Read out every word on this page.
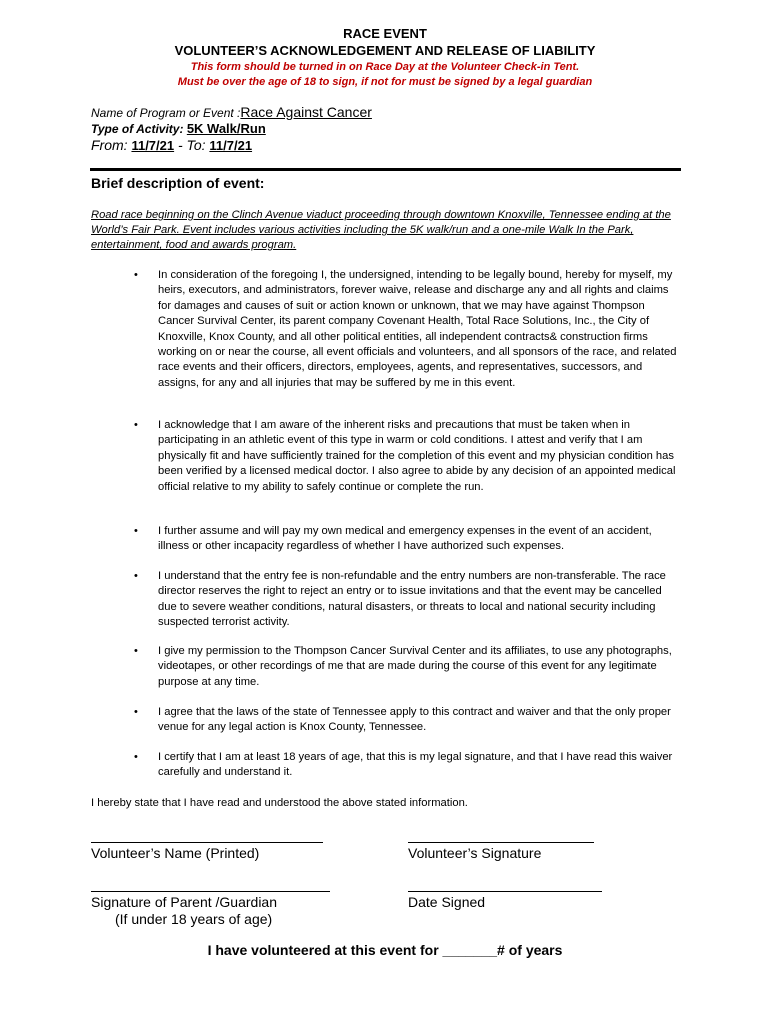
RACE EVENT
VOLUNTEER’S ACKNOWLEDGEMENT AND RELEASE OF LIABILITY
This form should be turned in on Race Day at the Volunteer Check-in Tent.
Must be over the age of 18 to sign, if not for must be signed by a legal guardian
Name of Program or Event :Race Against Cancer
Type of Activity: 5K Walk/Run
From: 11/7/21 - To: 11/7/21
Brief description of event:
Road race beginning on the Clinch Avenue viaduct proceeding through downtown Knoxville, Tennessee ending at the World’s Fair Park. Event includes various activities including the 5K walk/run and a one-mile Walk In the Park, entertainment, food and awards program.
• In consideration of the foregoing I, the undersigned, intending to be legally bound, hereby for myself, my heirs, executors, and administrators, forever waive, release and discharge any and all rights and claims for damages and causes of suit or action known or unknown, that we may have against Thompson Cancer Survival Center, its parent company Covenant Health, Total Race Solutions, Inc., the City of Knoxville, Knox County, and all other political entities, all independent contracts& construction firms working on or near the course, all event officials and volunteers, and all sponsors of the race, and related race events and their officers, directors, employees, agents, and representatives, successors, and assigns, for any and all injuries that may be suffered by me in this event.
• I acknowledge that I am aware of the inherent risks and precautions that must be taken when in participating in an athletic event of this type in warm or cold conditions. I attest and verify that I am physically fit and have sufficiently trained for the completion of this event and my physician condition has been verified by a licensed medical doctor. I also agree to abide by any decision of an appointed medical official relative to my ability to safely continue or complete the run.
• I further assume and will pay my own medical and emergency expenses in the event of an accident, illness or other incapacity regardless of whether I have authorized such expenses.
• I understand that the entry fee is non-refundable and the entry numbers are non-transferable. The race director reserves the right to reject an entry or to issue invitations and that the event may be cancelled due to severe weather conditions, natural disasters, or threats to local and national security including suspected terrorist activity.
• I give my permission to the Thompson Cancer Survival Center and its affiliates, to use any photographs, videotapes, or other recordings of me that are made during the course of this event for any legitimate purpose at any time.
• I agree that the laws of the state of Tennessee apply to this contract and waiver and that the only proper venue for any legal action is Knox County, Tennessee.
• I certify that I am at least 18 years of age, that this is my legal signature, and that I have read this waiver carefully and understand it.
I hereby state that I have read and understood the above stated information.
Volunteer’s Name (Printed)	Volunteer’s Signature
Signature of Parent /Guardian
(If under 18 years of age)
Date Signed
I have volunteered at this event for _______# of years
